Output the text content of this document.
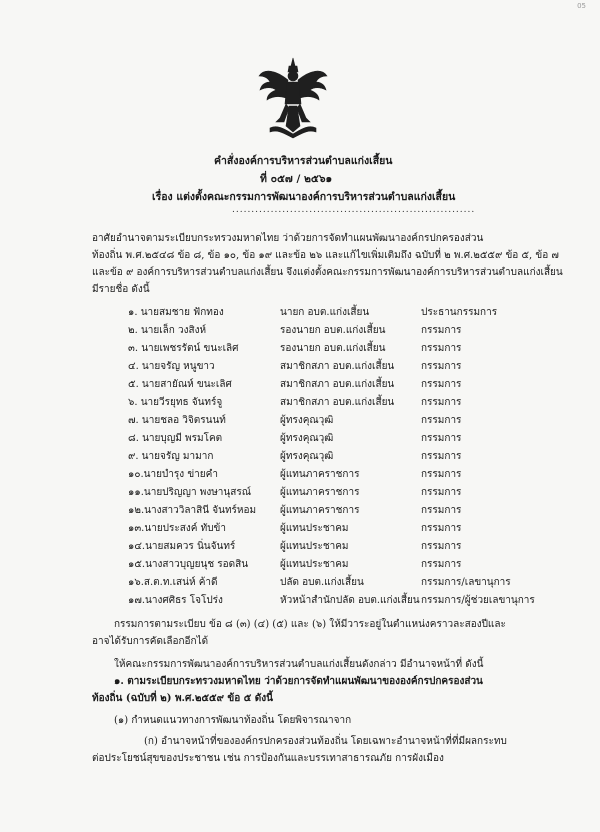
05
คำสั่งองค์การบริหารส่วนตำบลแก่งเสี้ยน
ที่ ๐๕๗ / ๒๕๖๑
เรื่อง แต่งตั้งคณะกรรมการพัฒนาองค์การบริหารส่วนตำบลแก่งเสี้ยน
...............................................................
อาศัยอำนาจตามระเบียบกระทรวงมหาดไทย ว่าด้วยการจัดทำแผนพัฒนาองค์กรปกครองส่วน
ท้องถิ่น พ.ศ.๒๕๔๘ ข้อ ๘, ข้อ ๑๐, ข้อ ๑๙ และข้อ ๒๖ และแก้ไขเพิ่มเติมถึง ฉบับที่ ๒ พ.ศ.๒๕๕๙ ข้อ ๕, ข้อ ๗
และข้อ ๙ องค์การบริหารส่วนตำบลแก่งเสี้ยน จึงแต่งตั้งคณะกรรมการพัฒนาองค์การบริหารส่วนตำบลแก่งเสี้ยน
มีรายชื่อ ดังนี้
๑. นายสมชาย ฟักทอง	นายก อบต.แก่งเสี้ยน	ประธานกรรมการ
๒. นายเล็ก วงสิงห์	รองนายก อบต.แก่งเสี้ยน	กรรมการ
๓. นายเพชรรัตน์ ขนะเลิศ	รองนายก อบต.แก่งเสี้ยน	กรรมการ
๔. นายจรัญ หนูขาว	สมาชิกสภา อบต.แก่งเสี้ยน	กรรมการ
๕. นายสายัณห์ ขนะเลิศ	สมาชิกสภา อบต.แก่งเสี้ยน	กรรมการ
๖. นายวีรยุทธ จันทร์จู	สมาชิกสภา อบต.แก่งเสี้ยน	กรรมการ
๗. นายชลอ วิจิตรนนท์	ผู้ทรงคุณวุฒิ	กรรมการ
๘. นายบุญมี พรมโคต	ผู้ทรงคุณวุฒิ	กรรมการ
๙. นายจรัญ มามาก	ผู้ทรงคุณวุฒิ	กรรมการ
๑๐.นายบำรุง ข่ายคำ	ผู้แทนภาคราชการ	กรรมการ
๑๑.นายปริญญา พงษานุสรณ์	ผู้แทนภาคราชการ	กรรมการ
๑๒.นางสาววิลาสินี จันทร์หอม ผู้แทนภาคราชการ	กรรมการ
๑๓.นายประสงค์ ทับข้า	ผู้แทนประชาคม	กรรมการ
๑๔.นายสมควร นิ่นจันทร์	ผู้แทนประชาคม	กรรมการ
๑๕.นางสาวบุญยนุช รอดสิน	ผู้แทนประชาคม	กรรมการ
๑๖.ส.ต.ท.เสน่ห์ ค้าดี	ปลัด อบต.แก่งเสี้ยน	กรรมการ/เลขานุการ
๑๗.นางศศิธร โจโปร่ง	หัวหน้าสำนักปลัด อบต.แก่งเสี้ยน กรรมการ/ผู้ช่วยเลขานุการ
กรรมการตามระเบียบ ข้อ ๘ (๓) (๔) (๕) และ (๖) ให้มีวาระอยู่ในตำแหน่งคราวละสองปีและ
อาจได้รับการคัดเลือกอีกได้
ให้คณะกรรมการพัฒนาองค์การบริหารส่วนตำบลแก่งเสี้ยนดังกล่าว มีอำนาจหน้าที่ ดังนี้
๑. ตามระเบียบกระทรวงมหาดไทย ว่าด้วยการจัดทำแผนพัฒนาขององค์กรปกครองส่วน
ท้องถิ่น (ฉบับที่ ๒) พ.ศ.๒๕๕๙ ข้อ ๕ ดังนี้
(๑) กำหนดแนวทางการพัฒนาท้องถิ่น โดยพิจารณาจาก
(ก) อำนาจหน้าที่ขององค์กรปกครองส่วนท้องถิ่น โดยเฉพาะอำนาจหน้าที่ที่มีผลกระทบ
ต่อประโยชน์สุขของประชาชน เช่น การป้องกันและบรรเทาสาธารณภัย การผังเมือง
